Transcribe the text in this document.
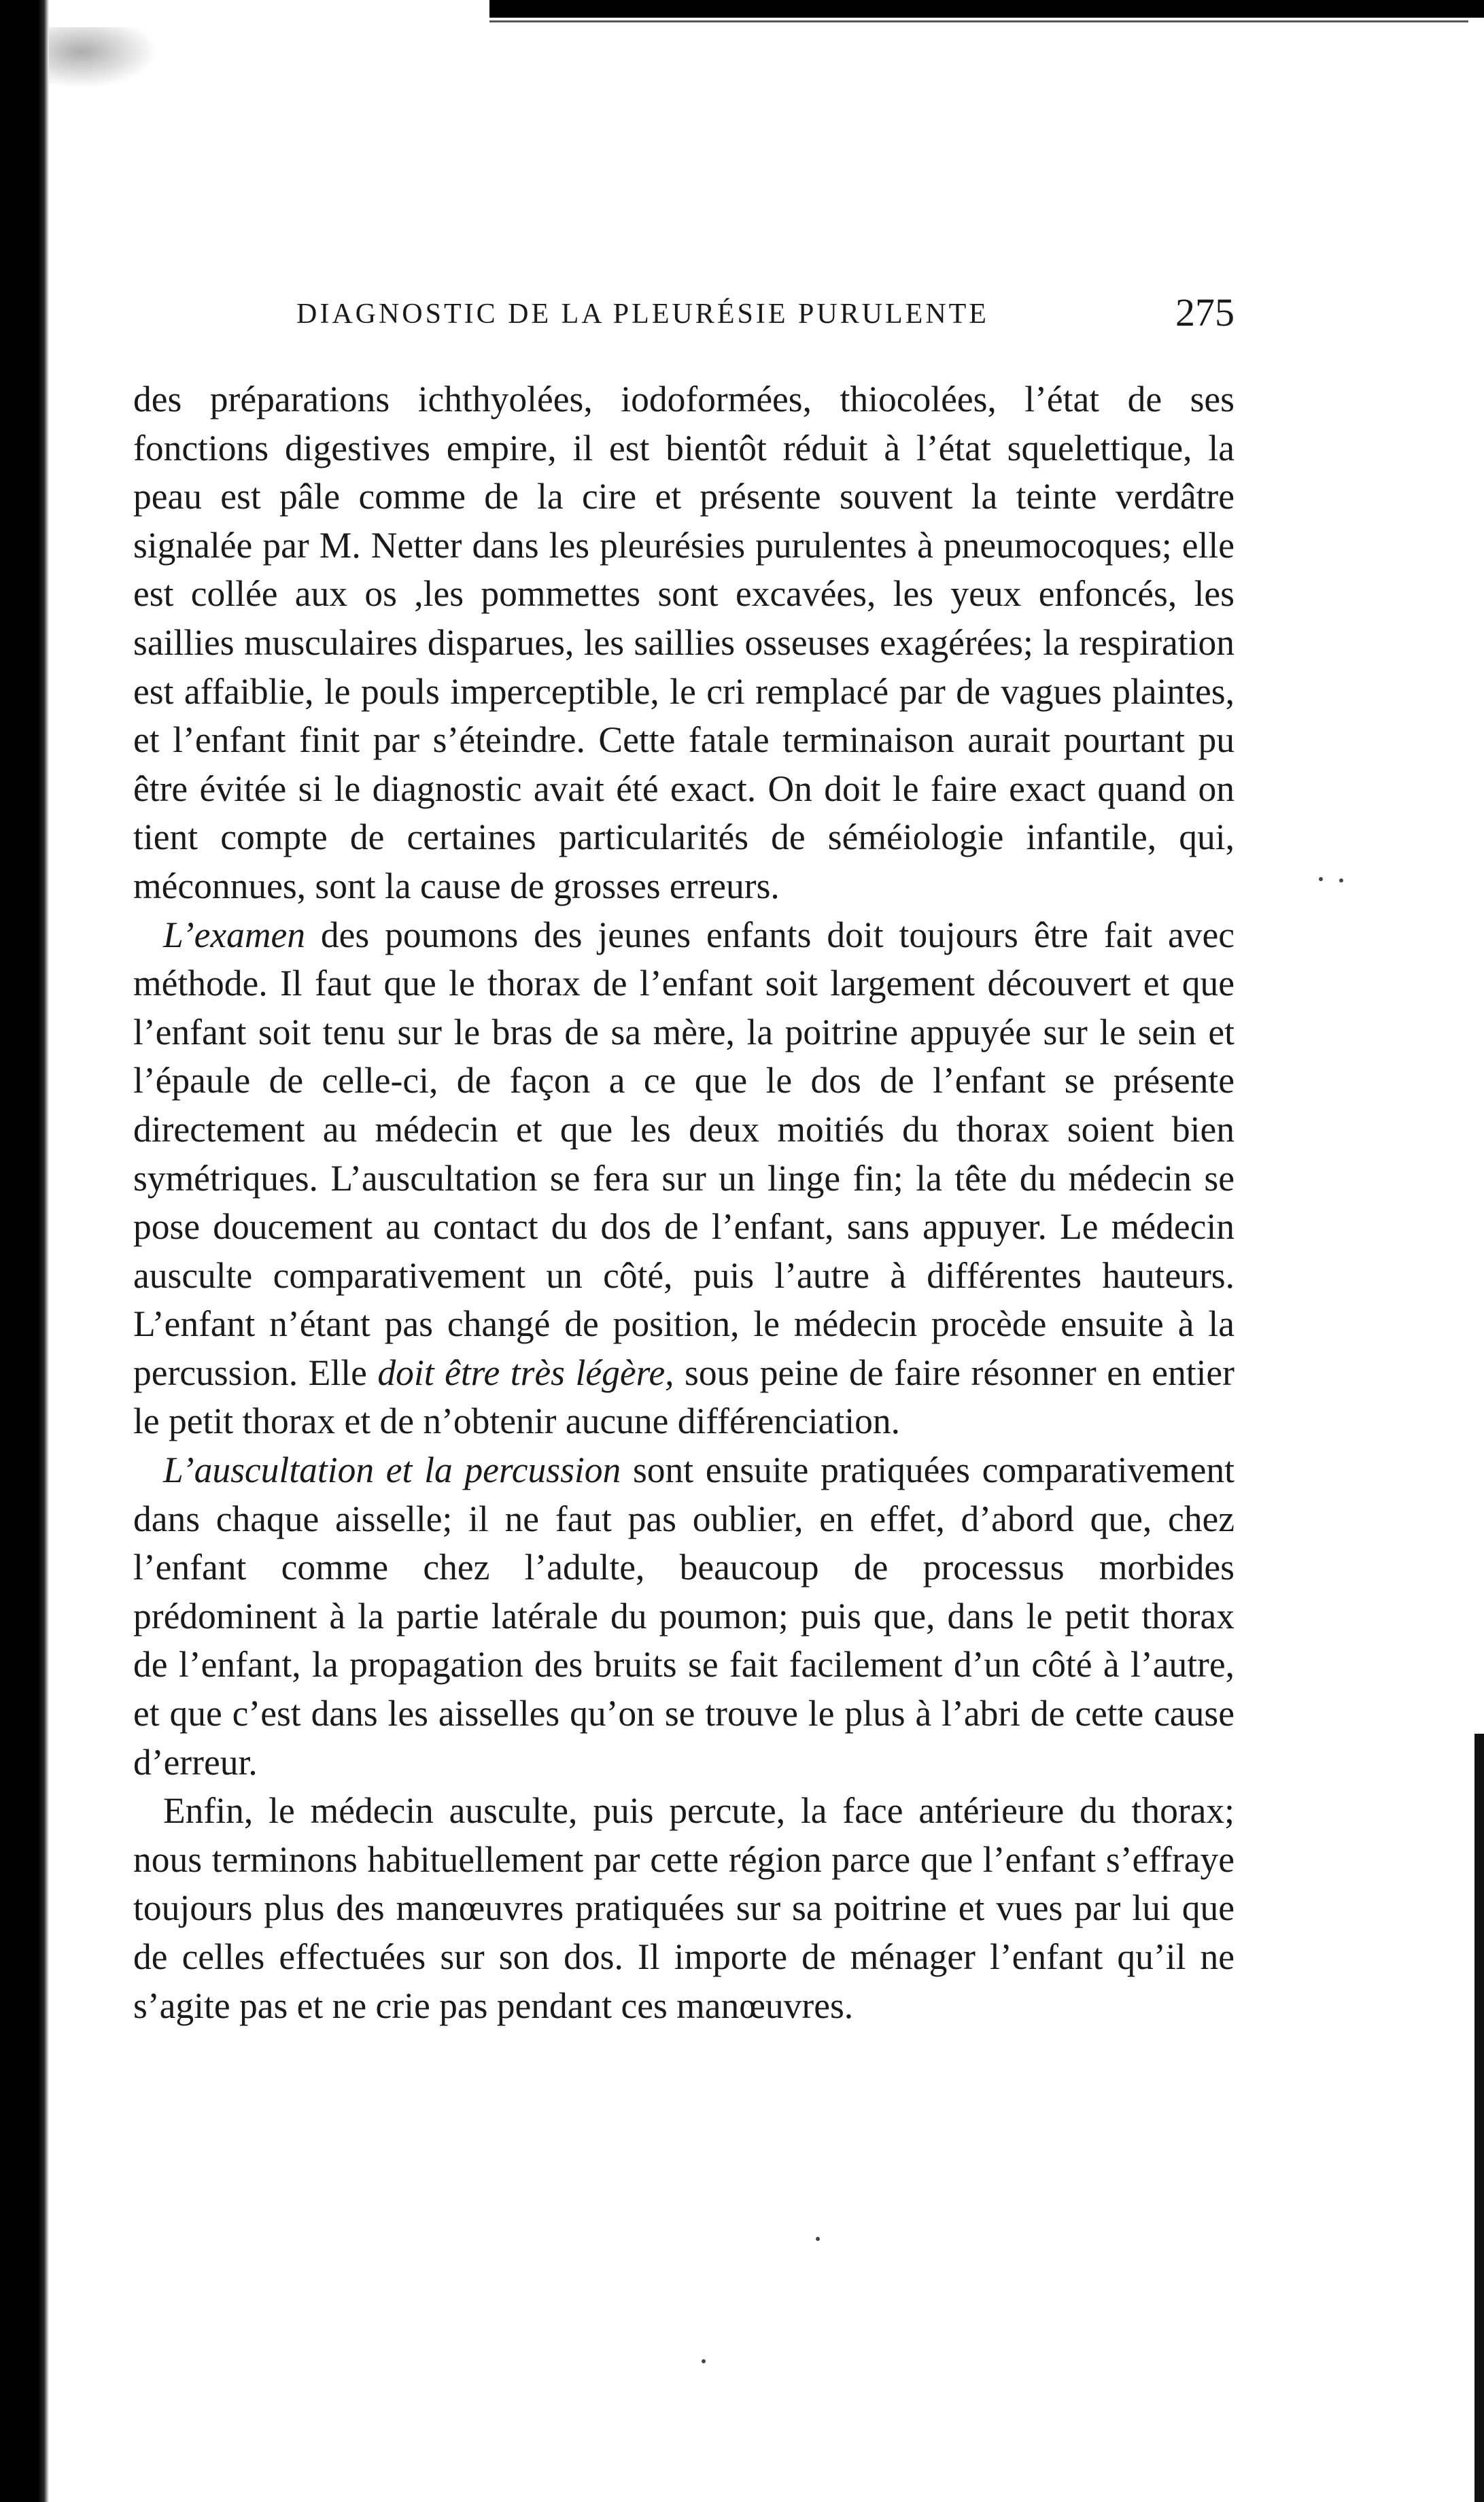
DIAGNOSTIC DE LA PLEURÉSIE PURULENTE	275

des préparations ichthyolées, iodoformées, thiocolées, l’état de ses fonctions digestives empire, il est bientôt réduit à l’état squelettique, la peau est pâle comme de la cire et présente souvent la teinte verdâtre signalée par M. Netter dans les pleurésies purulentes à pneumocoques; elle est collée aux os ,les pommettes sont excavées, les yeux enfoncés, les saillies musculaires disparues, les saillies osseuses exagérées; la respiration est affaiblie, le pouls imperceptible, le cri remplacé par de vagues plaintes, et l’enfant finit par s’éteindre. Cette fatale terminaison aurait pourtant pu être évitée si le diagnostic avait été exact. On doit le faire exact quand on tient compte de certaines particularités de séméiologie infantile, qui, méconnues, sont la cause de grosses erreurs.

L’examen des poumons des jeunes enfants doit toujours être fait avec méthode. Il faut que le thorax de l’enfant soit largement découvert et que l’enfant soit tenu sur le bras de sa mère, la poitrine appuyée sur le sein et l’épaule de celle-ci, de façon a ce que le dos de l’enfant se présente directement au médecin et que les deux moitiés du thorax soient bien symétriques. L’auscultation se fera sur un linge fin; la tête du médecin se pose doucement au contact du dos de l’enfant, sans appuyer. Le médecin ausculte comparativement un côté, puis l’autre à différentes hauteurs. L’enfant n’étant pas changé de position, le médecin procède ensuite à la percussion. Elle doit être très légère, sous peine de faire résonner en entier le petit thorax et de n’obtenir aucune différenciation.

L’auscultation et la percussion sont ensuite pratiquées comparativement dans chaque aisselle; il ne faut pas oublier, en effet, d’abord que, chez l’enfant comme chez l’adulte, beaucoup de processus morbides prédominent à la partie latérale du poumon; puis que, dans le petit thorax de l’enfant, la propagation des bruits se fait facilement d’un côté à l’autre, et que c’est dans les aisselles qu’on se trouve le plus à l’abri de cette cause d’erreur.

Enfin, le médecin ausculte, puis percute, la face antérieure du thorax; nous terminons habituellement par cette région parce que l’enfant s’effraye toujours plus des manœuvres pratiquées sur sa poitrine et vues par lui que de celles effectuées sur son dos. Il importe de ménager l’enfant qu’il ne s’agite pas et ne crie pas pendant ces manœuvres.
